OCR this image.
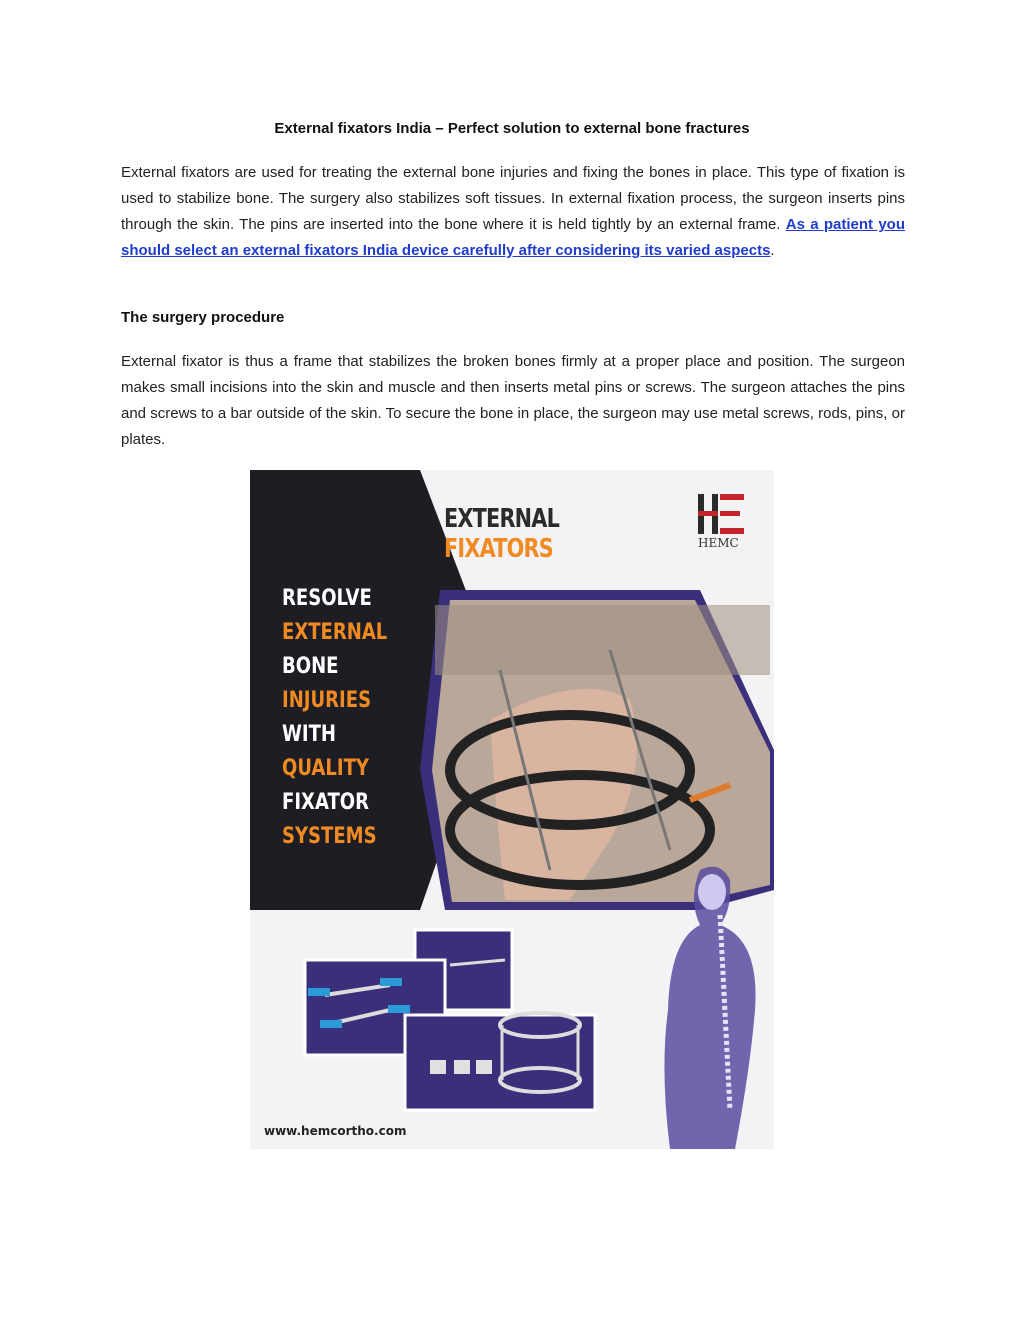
External fixators India – Perfect solution to external bone fractures
External fixators are used for treating the external bone injuries and fixing the bones in place. This type of fixation is used to stabilize bone. The surgery also stabilizes soft tissues. In external fixation process, the surgeon inserts pins through the skin. The pins are inserted into the bone where it is held tightly by an external frame. As a patient you should select an external fixators India device carefully after considering its varied aspects.
The surgery procedure
External fixator is thus a frame that stabilizes the broken bones firmly at a proper place and position. The surgeon makes small incisions into the skin and muscle and then inserts metal pins or screws. The surgeon attaches the pins and screws to a bar outside of the skin. To secure the bone in place, the surgeon may use metal screws, rods, pins, or plates.
EXTERNAL
FIXATORS	HEMC
RESOLVE
EXTERNAL
BONE
INJURIES
WITH
QUALITY
FIXATOR
SYSTEMS
www.hemcortho.com
